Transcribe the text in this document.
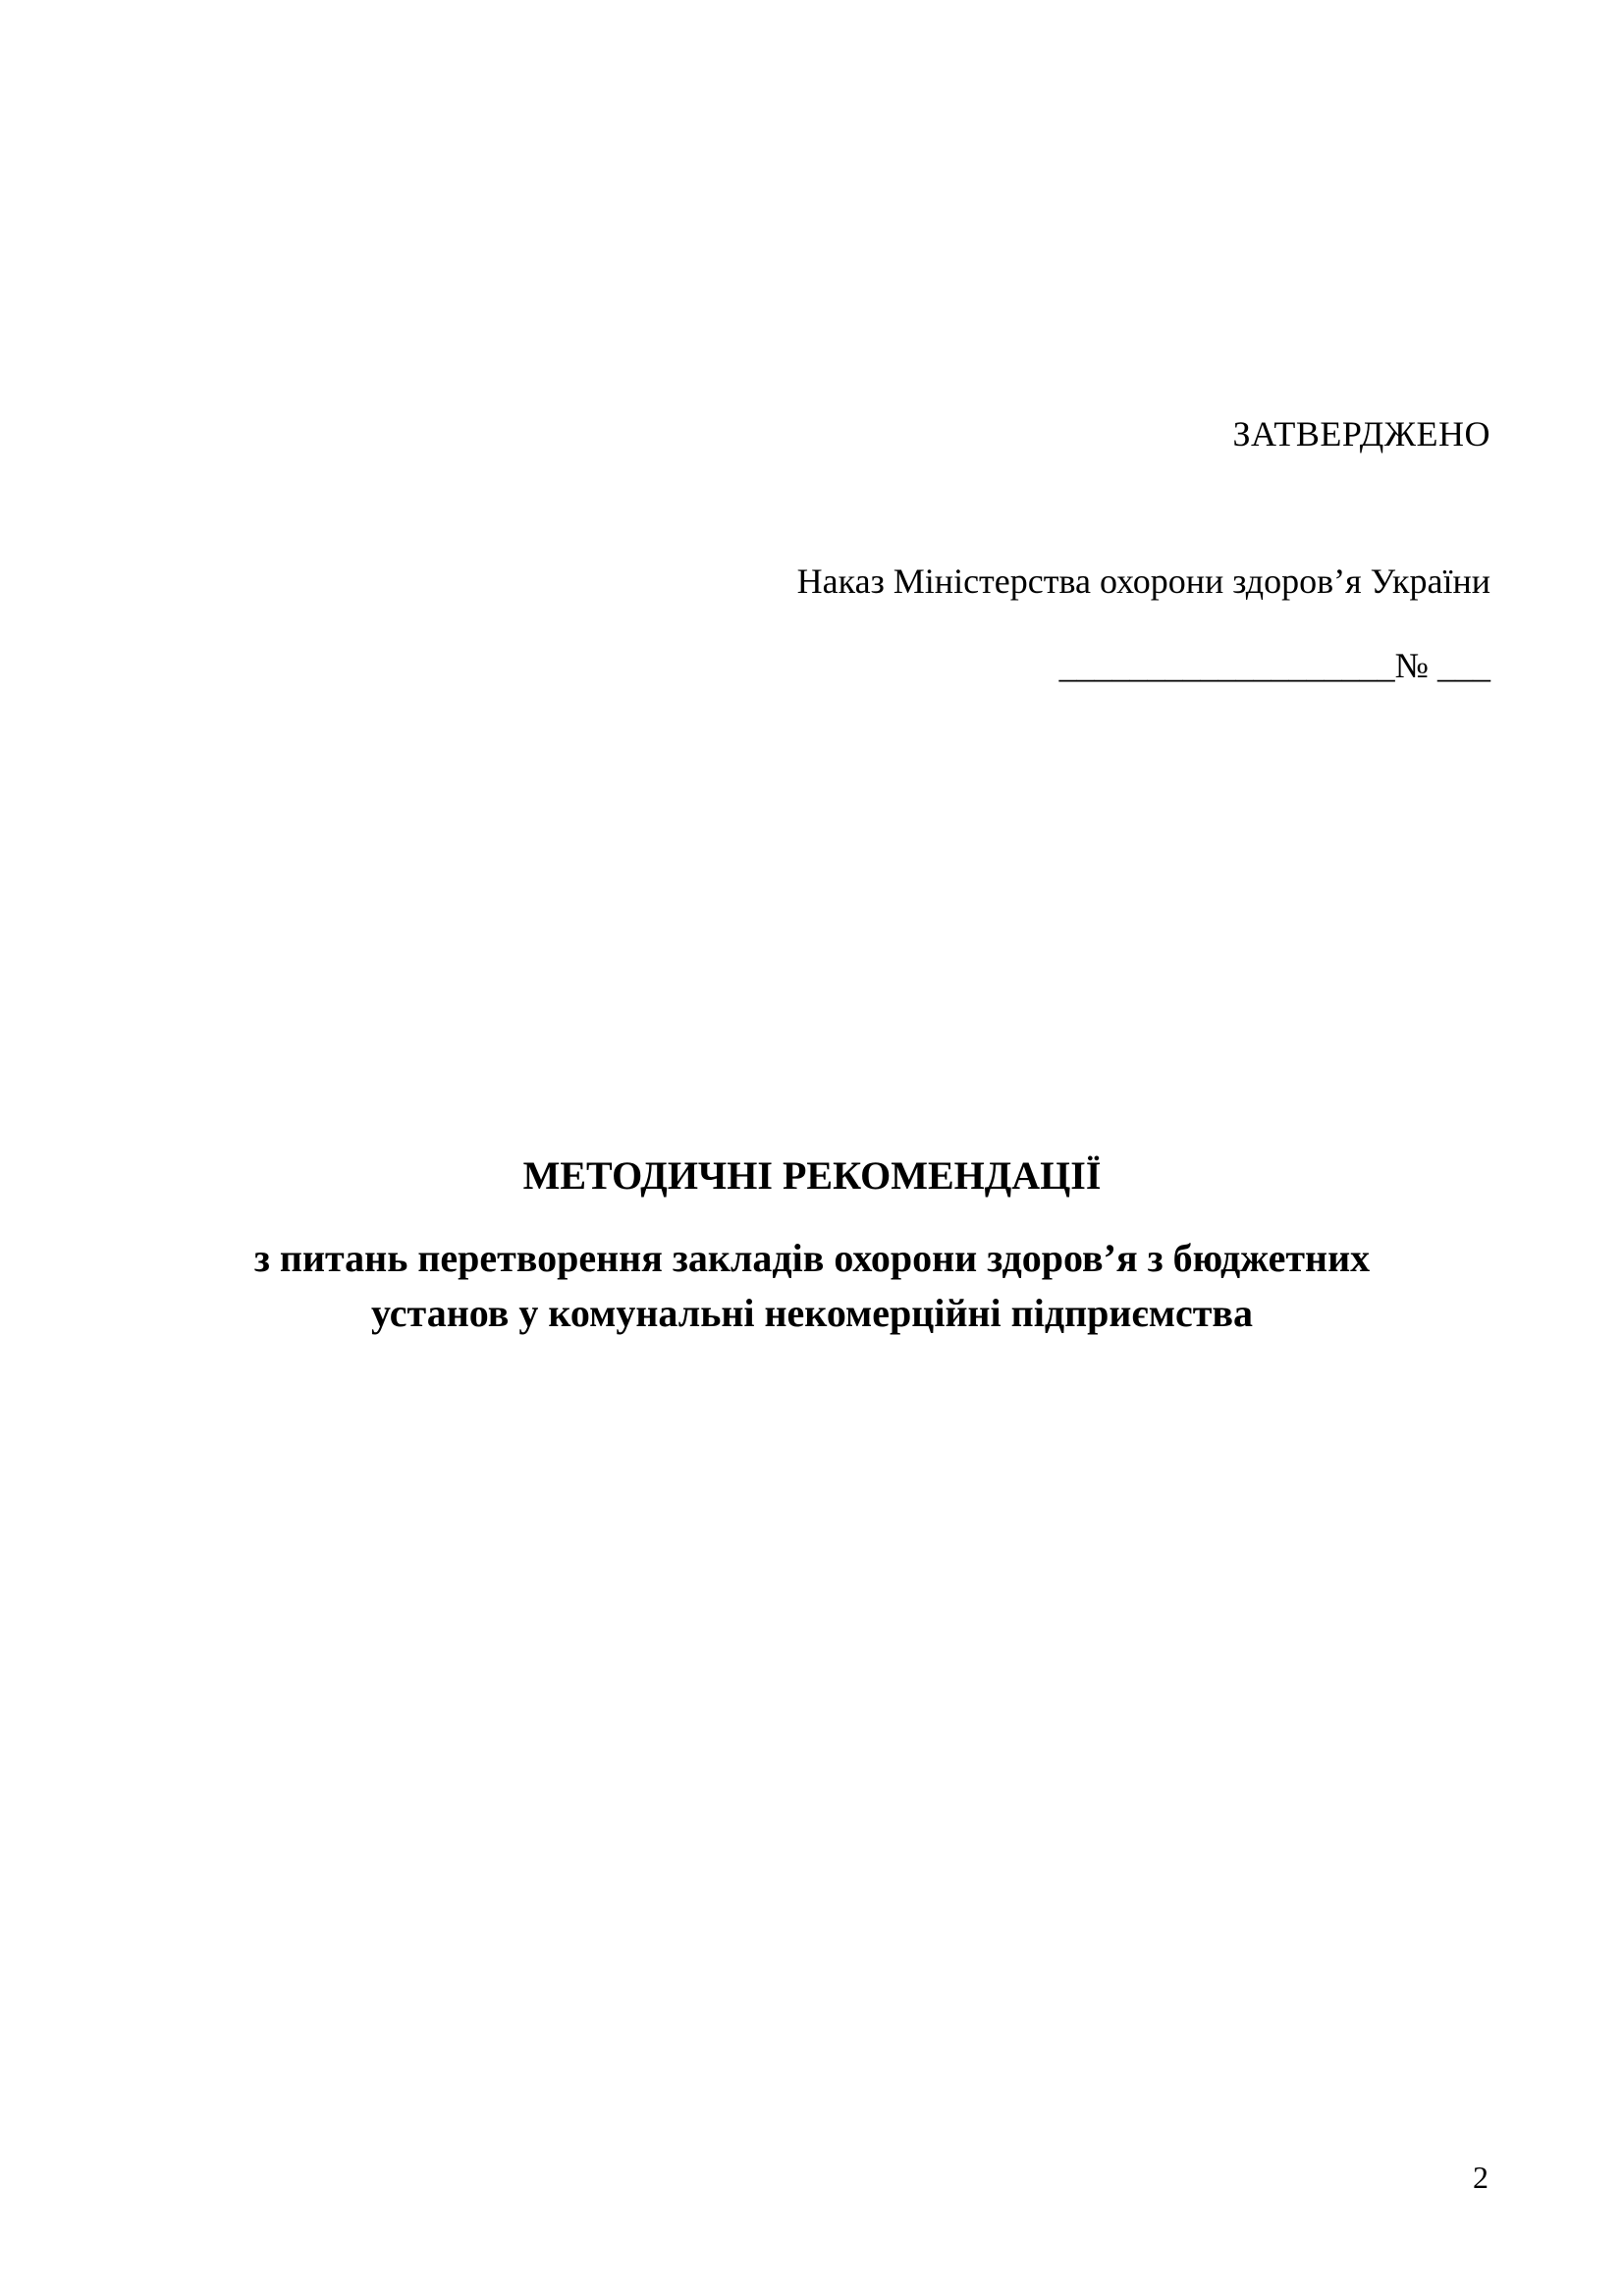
ЗАТВЕРДЖЕНО

Наказ Міністерства охорони здоров’я України

___________________№ ___

МЕТОДИЧНІ РЕКОМЕНДАЦІЇ

з питань перетворення закладів охорони здоров’я з бюджетних
установ у комунальні некомерційні підприємства

2
